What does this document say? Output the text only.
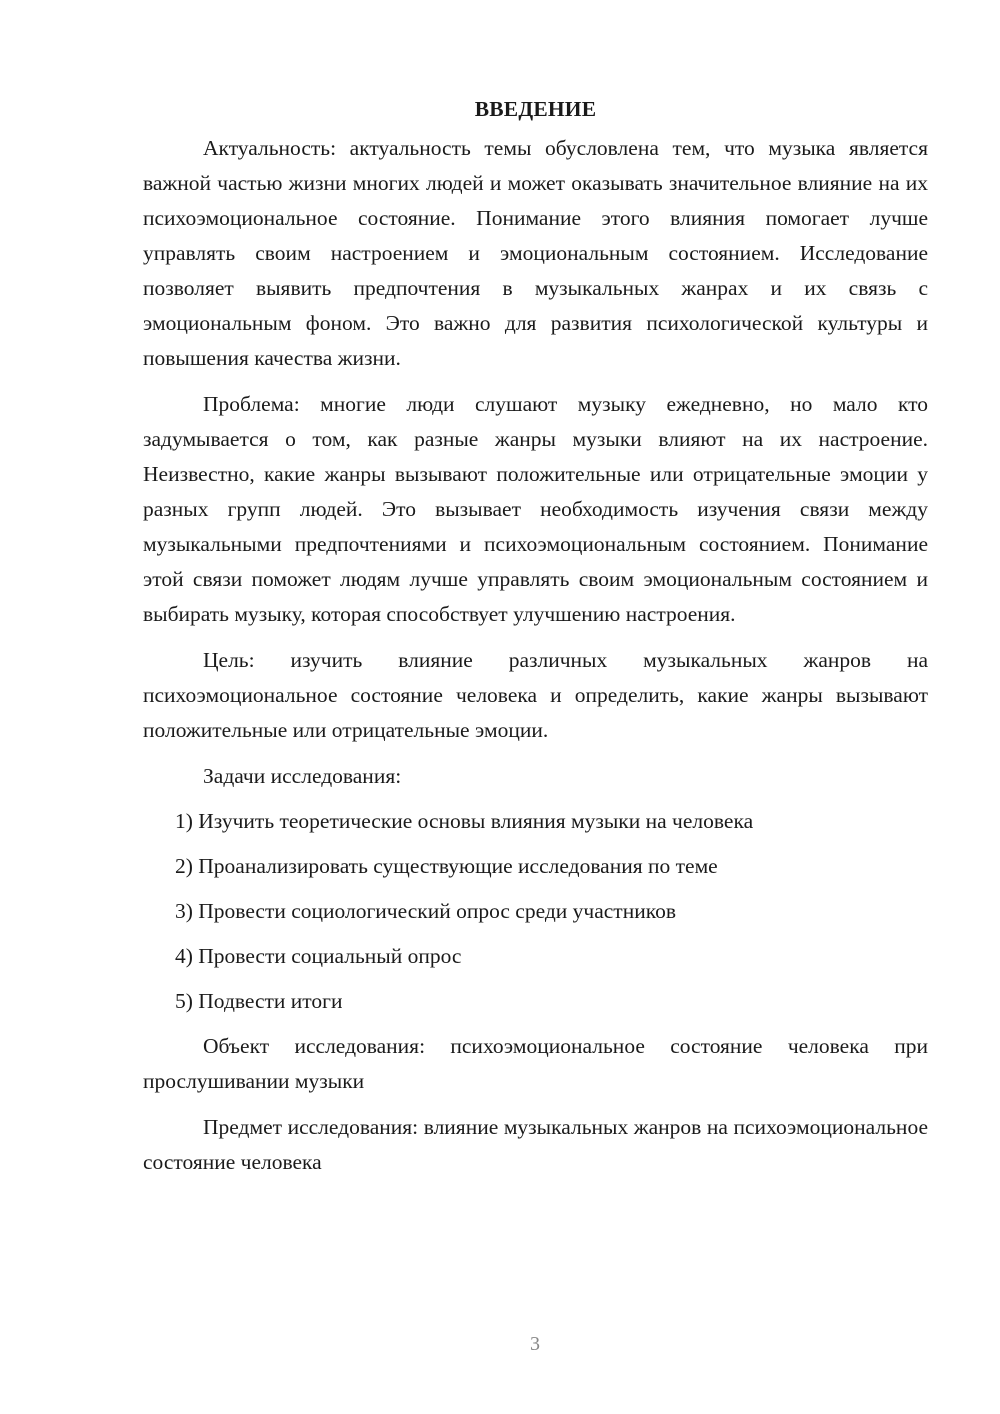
ВВЕДЕНИЕ

Актуальность: актуальность темы обусловлена тем, что музыка является важной частью жизни многих людей и может оказывать значительное влияние на их психоэмоциональное состояние. Понимание этого влияния помогает лучше управлять своим настроением и эмоциональным состоянием. Исследование позволяет выявить предпочтения в музыкальных жанрах и их связь с эмоциональным фоном. Это важно для развития психологической культуры и повышения качества жизни.

Проблема: многие люди слушают музыку ежедневно, но мало кто задумывается о том, как разные жанры музыки влияют на их настроение. Неизвестно, какие жанры вызывают положительные или отрицательные эмоции у разных групп людей. Это вызывает необходимость изучения связи между музыкальными предпочтениями и психоэмоциональным состоянием. Понимание этой связи поможет людям лучше управлять своим эмоциональным состоянием и выбирать музыку, которая способствует улучшению настроения.

Цель: изучить влияние различных музыкальных жанров на психоэмоциональное состояние человека и определить, какие жанры вызывают положительные или отрицательные эмоции.

Задачи исследования:
1) Изучить теоретические основы влияния музыки на человека
2) Проанализировать существующие исследования по теме
3) Провести социологический опрос среди участников
4) Провести социальный опрос
5) Подвести итоги

Объект исследования: психоэмоциональное состояние человека при прослушивании музыки

Предмет исследования: влияние музыкальных жанров на психоэмоциональное состояние человека

3
